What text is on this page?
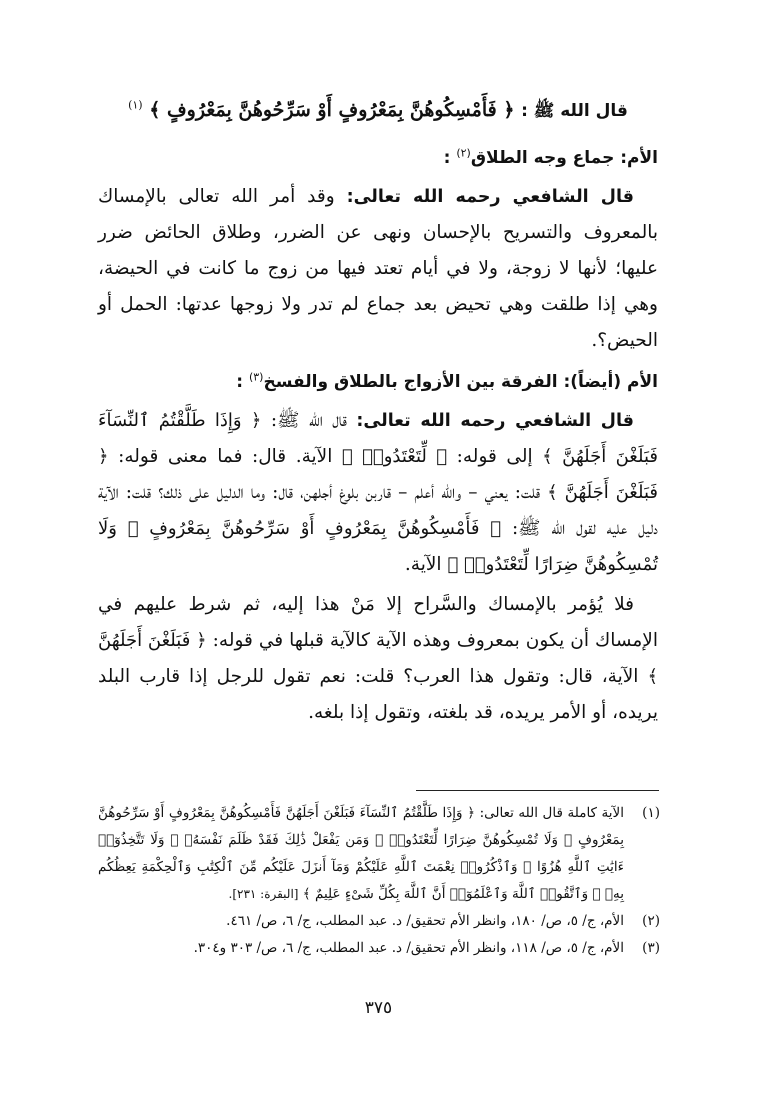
قال الله ﷺ : ﴿ فَأَمْسِكُوهُنَّ بِمَعْرُوفٍ أَوْ سَرِّحُوهُنَّ بِمَعْرُوفٍ ﴾ $^{(١)}$
الأم: جماع وجه الطلاق$^{(٢)}$ :

قال الشافعي رحمه الله تعالى: وقد أمر الله تعالى بالإمساك بالمعروف والتسريح بالإحسان ونهى عن الضرر، وطلاق الحائض ضرر عليها؛ لأنها لا زوجة، ولا في أيام تعتد فيها من زوج ما كانت في الحيضة، وهي إذا طلقت وهي تحيض بعد جماع لم تدر ولا زوجها عدتها: الحمل أو الحيض؟.

الأم (أيضاً): الفرقة بين الأزواج بالطلاق والفسخ$^{(٣)}$ :

قال الشافعي رحمه الله تعالى: قال الله ﷺ: ﴿ وَإِذَا طَلَّقْتُمُ ٱلنِّسَآءَ فَبَلَغْنَ أَجَلَهُنَّ ﴾ إلى قوله: ﴿ لِّتَعْتَدُوا۟ ﴾ الآية. قال: فما معنى قوله: ﴿ فَبَلَغْنَ أَجَلَهُنَّ ﴾ قلت: يعني – والله أعلم – قاربن بلوغ أجلهن، قال: وما الدليل على ذلك؟ قلت: الآية دليل عليه لقول الله ﷺ: ﴿ فَأَمْسِكُوهُنَّ بِمَعْرُوفٍ أَوْ سَرِّحُوهُنَّ بِمَعْرُوفٍ ۚ وَلَا تُمْسِكُوهُنَّ ضِرَارًا لِّتَعْتَدُوا۟ ﴾ الآية.

فلا يُؤمر بالإمساك والسَّراح إلا مَنْ هذا إليه، ثم شرط عليهم في الإمساك أن يكون بمعروف وهذه الآية كالآية قبلها في قوله: ﴿ فَبَلَغْنَ أَجَلَهُنَّ ﴾ الآية، قال: وتقول هذا العرب؟ قلت: نعم تقول للرجل إذا قارب البلد يريده، أو الأمر يريده، قد بلغته، وتقول إذا بلغه.

(١)
الآية كاملة قال الله تعالى: ﴿ وَإِذَا طَلَّقْتُمُ ٱلنِّسَآءَ فَبَلَغْنَ أَجَلَهُنَّ فَأَمْسِكُوهُنَّ بِمَعْرُوفٍ أَوْ سَرِّحُوهُنَّ بِمَعْرُوفٍ ۚ وَلَا تُمْسِكُوهُنَّ ضِرَارًا لِّتَعْتَدُوا۟ ۚ وَمَن يَفْعَلْ ذَٰلِكَ فَقَدْ ظَلَمَ نَفْسَهُۥ ۚ وَلَا تَتَّخِذُوٓا۟ ءَايَٰتِ ٱللَّهِ هُزُوًا ۚ وَٱذْكُرُوا۟ نِعْمَتَ ٱللَّهِ عَلَيْكُمْ وَمَآ أَنزَلَ عَلَيْكُم مِّنَ ٱلْكِتَٰبِ وَٱلْحِكْمَةِ يَعِظُكُم بِهِۦ ۚ وَٱتَّقُوا۟ ٱللَّهَ وَٱعْلَمُوٓا۟ أَنَّ ٱللَّهَ بِكُلِّ شَىْءٍ عَلِيمٌ ﴾ [البقرة: ٢٣١].
(٢)
الأم، ج/ ٥، ص/ ١٨٠، وانظر الأم تحقيق/ د. عبد المطلب، ج/ ٦، ص/ ٤٦١.
(٣)
الأم، ج/ ٥، ص/ ١١٨، وانظر الأم تحقيق/ د. عبد المطلب، ج/ ٦، ص/ ٣٠٣ و٣٠٤.
٣٧٥
